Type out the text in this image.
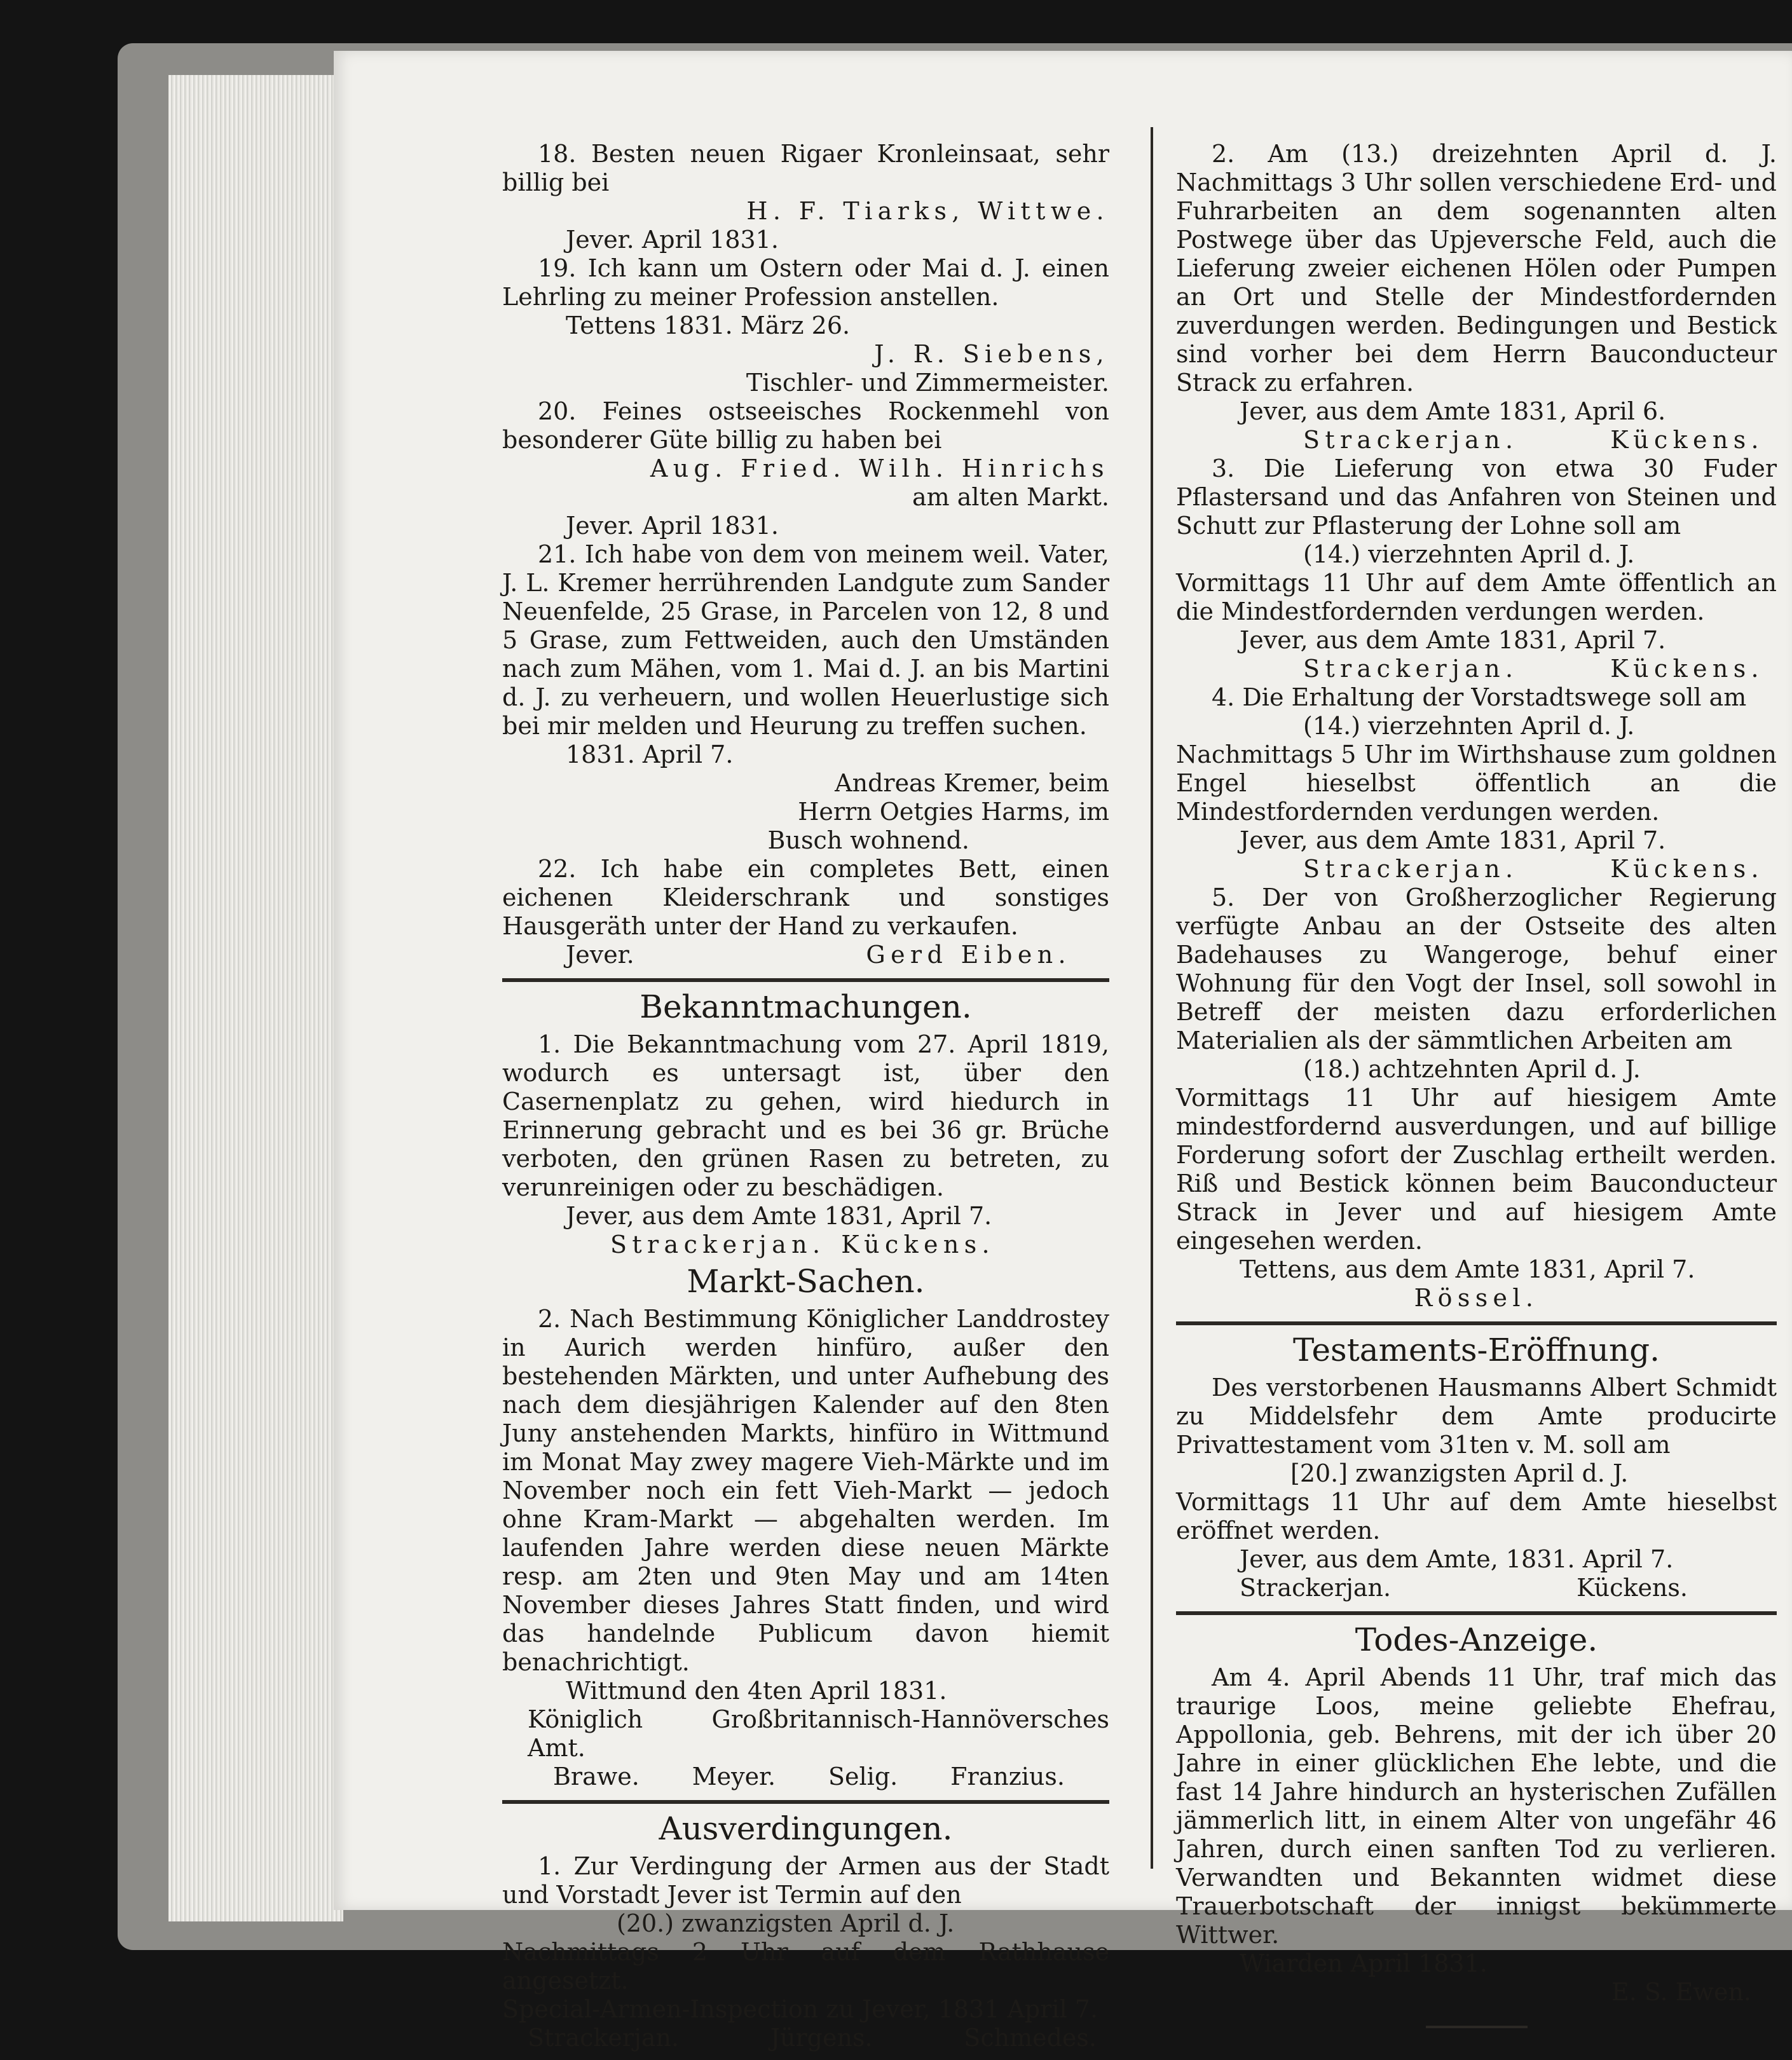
18. Besten neuen Rigaer Kronleinsaat, sehr billig bei

H. F. Tiarks, Wittwe.
Jever. April 1831.

19. Ich kann um Ostern oder Mai d. J. einen Lehrling zu meiner Profession anstellen.

Tettens 1831. März 26.
J. R. Siebens,
Tischler- und Zimmermeister.

20. Feines ostseeisches Rockenmehl von besonderer Güte billig zu haben bei

Aug. Fried. Wilh. Hinrichs
am alten Markt.
Jever. April 1831.

21. Ich habe von dem von meinem weil. Vater, J. L. Kremer herrührenden Landgute zum Sander Neuenfelde, 25 Grase, in Parcelen von 12, 8 und 5 Grase, zum Fettweiden, auch den Umständen nach zum Mähen, vom 1. Mai d. J. an bis Martini d. J. zu verheuern, und wollen Heuerlustige sich bei mir melden und Heurung zu treffen suchen.

1831. April 7.
Andreas Kremer, beim
Herrn Oetgies Harms, im
Busch wohnend.

22. Ich habe ein completes Bett, einen eichenen Kleiderschrank und sonstiges Hausgeräth unter der Hand zu verkaufen.

Jever.	Gerd Eiben.
Bekanntmachungen.

1. Die Bekanntmachung vom 27. April 1819, wodurch es untersagt ist, über den Casernenplatz zu gehen, wird hiedurch in Erinnerung gebracht und es bei 36 gr. Brüche verboten, den grünen Rasen zu betreten, zu verunreinigen oder zu beschädigen.

Jever, aus dem Amte 1831, April 7.
Strackerjan. Kückens.
Markt-Sachen.

2. Nach Bestimmung Königlicher Landdrostey in Aurich werden hinfüro, außer den bestehenden Märkten, und unter Aufhebung des nach dem diesjährigen Kalender auf den 8ten Juny anstehenden Markts, hinfüro in Wittmund im Monat May zwey magere Vieh-Märkte und im November noch ein fett Vieh-Markt — jedoch ohne Kram-Markt — abgehalten werden. Im laufenden Jahre werden diese neuen Märkte resp. am 2ten und 9ten May und am 14ten November dieses Jahres Statt finden, und wird das handelnde Publicum davon hiemit benachrichtigt.

Wittmund den 4ten April 1831.
Königlich Großbritannisch-Hannöversches Amt.
Brawe. Meyer. Selig. Franzius.
Ausverdingungen.

1. Zur Verdingung der Armen aus der Stadt und Vorstadt Jever ist Termin auf den

(20.) zwanzigsten April d. J.
Nachmittags 2 Uhr auf dem Rathhause angesetzt.
Special-Armen-Inspection zu Jever, 1831 April 7.
Strackerjan.	Jürgens.	Schmedes.

2. Am (13.) dreizehnten April d. J. Nachmittags 3 Uhr sollen verschiedene Erd- und Fuhrarbeiten an dem sogenannten alten Postwege über das Upjeversche Feld, auch die Lieferung zweier eichenen Hölen oder Pumpen an Ort und Stelle der Mindestfordernden zuverdungen werden. Bedingungen und Bestick sind vorher bei dem Herrn Bauconducteur Strack zu erfahren.

Jever, aus dem Amte 1831, April 6.
Strackerjan.	Kückens.

3. Die Lieferung von etwa 30 Fuder Pflastersand und das Anfahren von Steinen und Schutt zur Pflasterung der Lohne soll am

(14.) vierzehnten April d. J.

Vormittags 11 Uhr auf dem Amte öffentlich an die Mindestfordernden verdungen werden.

Jever, aus dem Amte 1831, April 7.
Strackerjan.	Kückens.

4. Die Erhaltung der Vorstadtswege soll am

(14.) vierzehnten April d. J.

Nachmittags 5 Uhr im Wirthshause zum goldnen Engel hieselbst öffentlich an die Mindestfordernden verdungen werden.

Jever, aus dem Amte 1831, April 7.
Strackerjan.	Kückens.

5. Der von Großherzoglicher Regierung verfügte Anbau an der Ostseite des alten Badehauses zu Wangeroge, behuf einer Wohnung für den Vogt der Insel, soll sowohl in Betreff der meisten dazu erforderlichen Materialien als der sämmtlichen Arbeiten am

(18.) achtzehnten April d. J.

Vormittags 11 Uhr auf hiesigem Amte mindestfordernd ausverdungen, und auf billige Forderung sofort der Zuschlag ertheilt werden. Riß und Bestick können beim Bauconducteur Strack in Jever und auf hiesigem Amte eingesehen werden.

Tettens, aus dem Amte 1831, April 7.
Rössel.
Testaments-Eröffnung.

Des verstorbenen Hausmanns Albert Schmidt zu Middelsfehr dem Amte producirte Privattestament vom 31ten v. M. soll am

[20.] zwanzigsten April d. J.

Vormittags 11 Uhr auf dem Amte hieselbst eröffnet werden.

Jever, aus dem Amte, 1831. April 7.
Strackerjan.	Kückens.
Todes-Anzeige.

Am 4. April Abends 11 Uhr, traf mich das traurige Loos, meine geliebte Ehefrau, Appollonia, geb. Behrens, mit der ich über 20 Jahre in einer glücklichen Ehe lebte, und die fast 14 Jahre hindurch an hysterischen Zufällen jämmerlich litt, in einem Alter von ungefähr 46 Jahren, durch einen sanften Tod zu verlieren. Verwandten und Bekannten widmet diese Trauerbotschaft der innigst bekümmerte Wittwer.

Wiarden April 1831.
E. S. Ewen.
